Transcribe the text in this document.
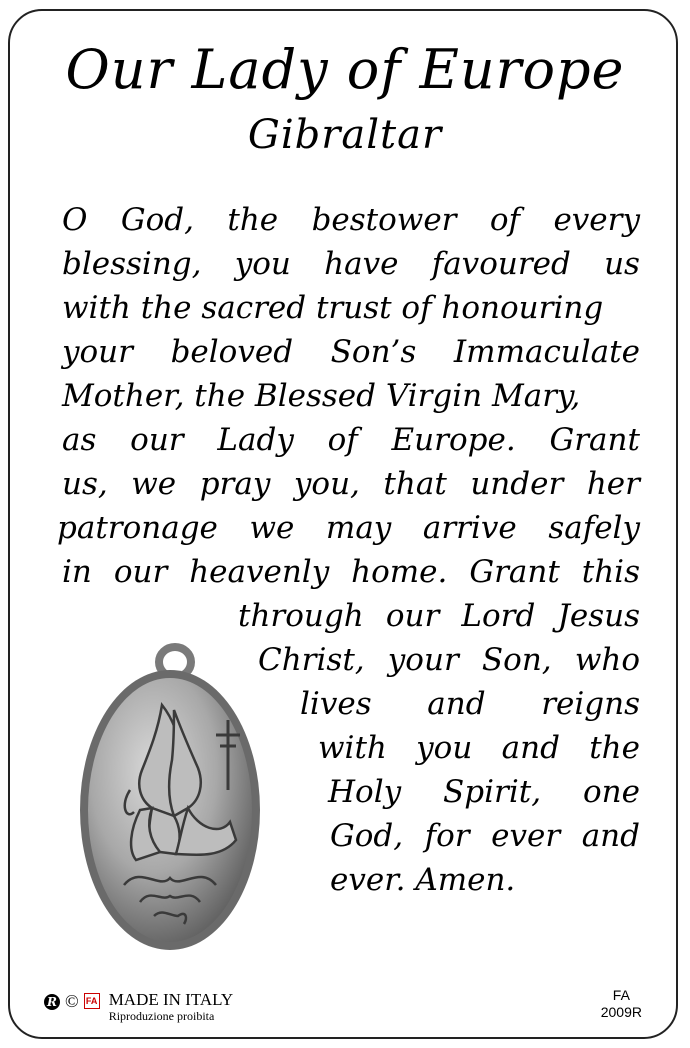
Our Lady of Europe
Gibraltar
O God, the bestower of every
blessing, you have favoured us
with the sacred trust of honouring
your beloved Son’s Immaculate
Mother, the Blessed Virgin Mary,
as our Lady of Europe. Grant
us, we pray you, that under her
patronage we may arrive safely
in our heavenly home. Grant this
through our Lord Jesus
Christ, your Son, who
lives and reigns
with you and the
Holy Spirit, one
God, for ever and
ever. Amen.
R © FA MADE IN ITALY
Riproduzione proibita
FA
2009R
